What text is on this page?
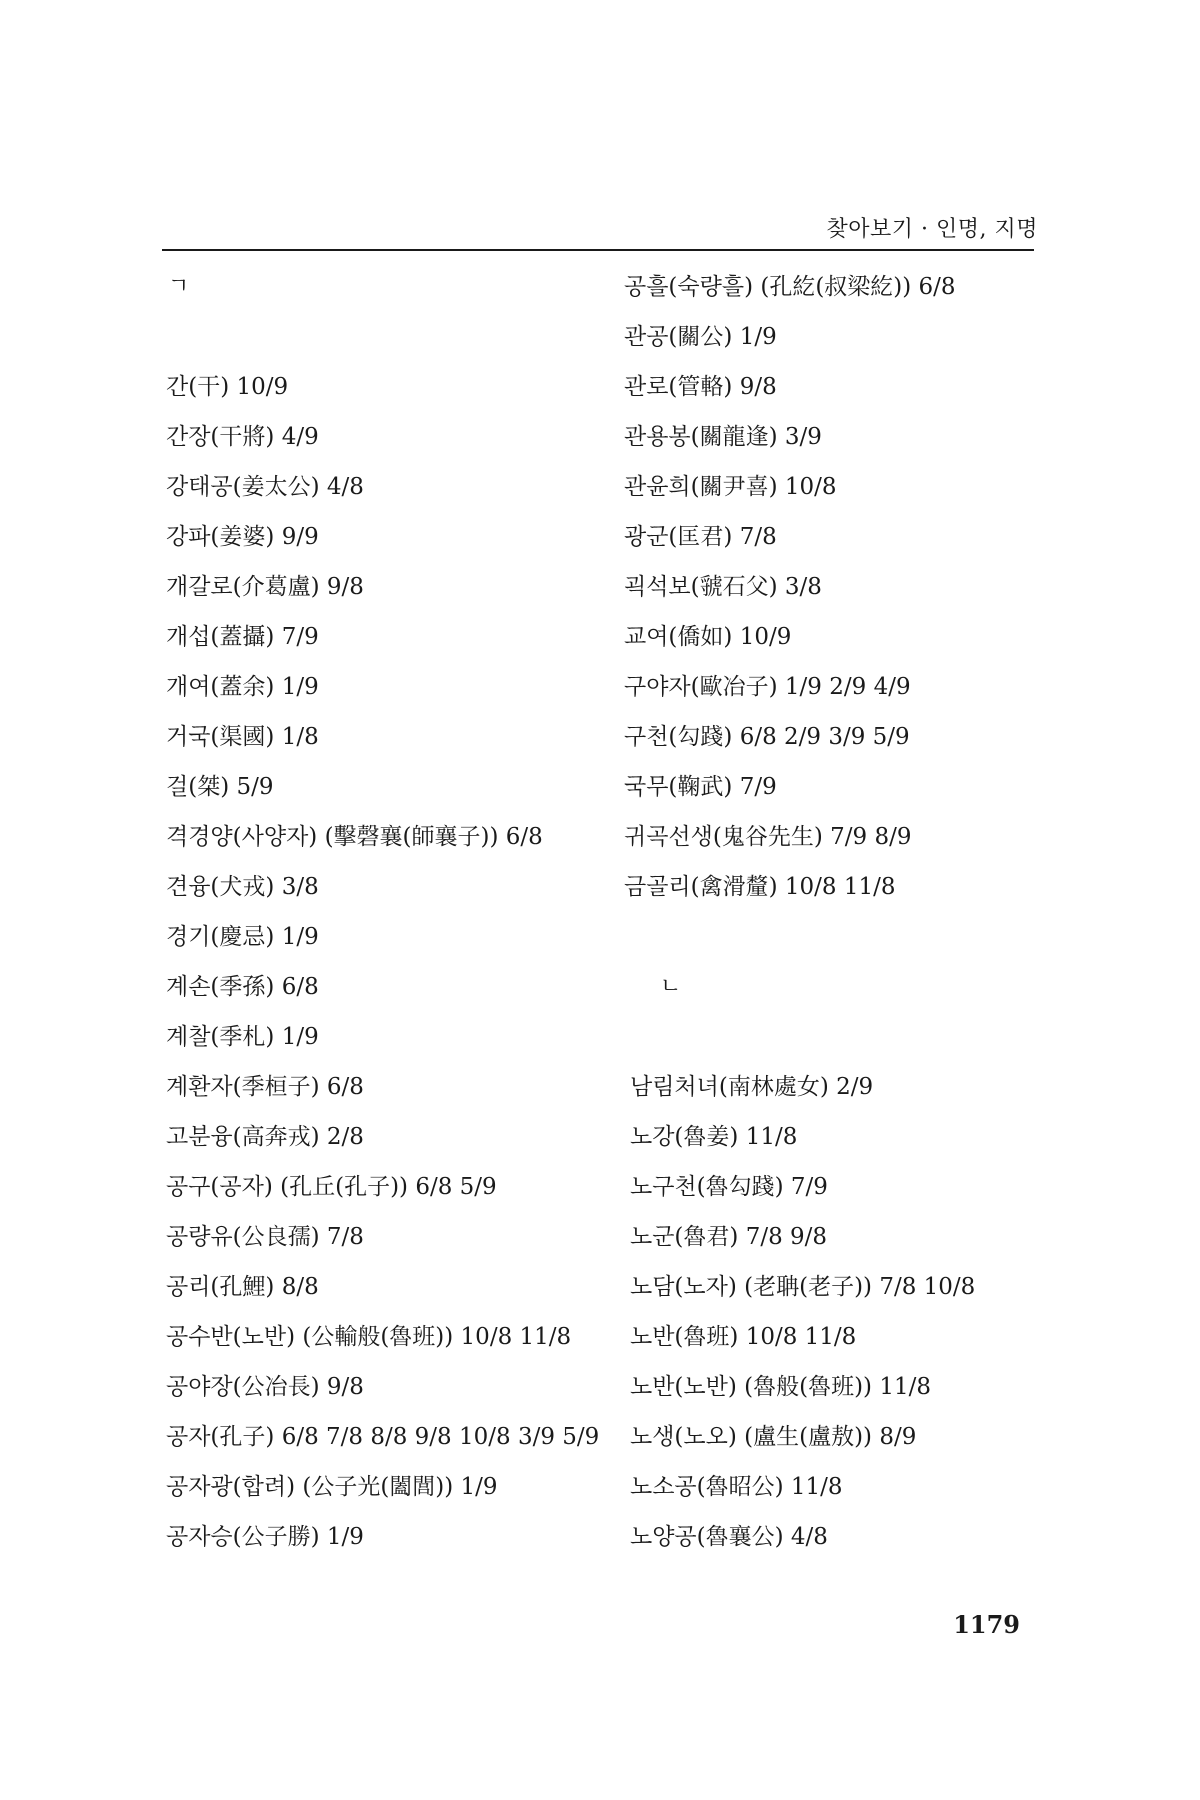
찾아보기 · 인명, 지명
ㄱ
간(干) 10/9
간장(干將) 4/9
강태공(姜太公) 4/8
강파(姜婆) 9/9
개갈로(介葛盧) 9/8
개섭(蓋攝) 7/9
개여(蓋余) 1/9
거국(渠國) 1/8
걸(桀) 5/9
격경양(사양자) (擊磬襄(師襄子)) 6/8
견융(犬戎) 3/8
경기(慶忌) 1/9
계손(季孫) 6/8
계찰(季札) 1/9
계환자(季桓子) 6/8
고분융(高奔戎) 2/8
공구(공자) (孔丘(孔子)) 6/8 5/9
공량유(公良孺) 7/8
공리(孔鯉) 8/8
공수반(노반) (公輸般(魯班)) 10/8 11/8
공야장(公冶長) 9/8
공자(孔子) 6/8 7/8 8/8 9/8 10/8 3/9 5/9
공자광(합려) (公子光(闔閭)) 1/9
공자승(公子勝) 1/9
공흘(숙량흘) (孔紇(叔梁紇)) 6/8
관공(關公) 1/9
관로(管輅) 9/8
관용봉(關龍逢) 3/9
관윤희(關尹喜) 10/8
광군(匡君) 7/8
괵석보(虢石父) 3/8
교여(僑如) 10/9
구야자(歐冶子) 1/9 2/9 4/9
구천(勾踐) 6/8 2/9 3/9 5/9
국무(鞠武) 7/9
귀곡선생(鬼谷先生) 7/9 8/9
금골리(禽滑釐) 10/8 11/8
ㄴ
남림처녀(南林處女) 2/9
노강(魯姜) 11/8
노구천(魯勾踐) 7/9
노군(魯君) 7/8 9/8
노담(노자) (老聃(老子)) 7/8 10/8
노반(魯班) 10/8 11/8
노반(노반) (魯般(魯班)) 11/8
노생(노오) (盧生(盧敖)) 8/9
노소공(魯昭公) 11/8
노양공(魯襄公) 4/8
1179
